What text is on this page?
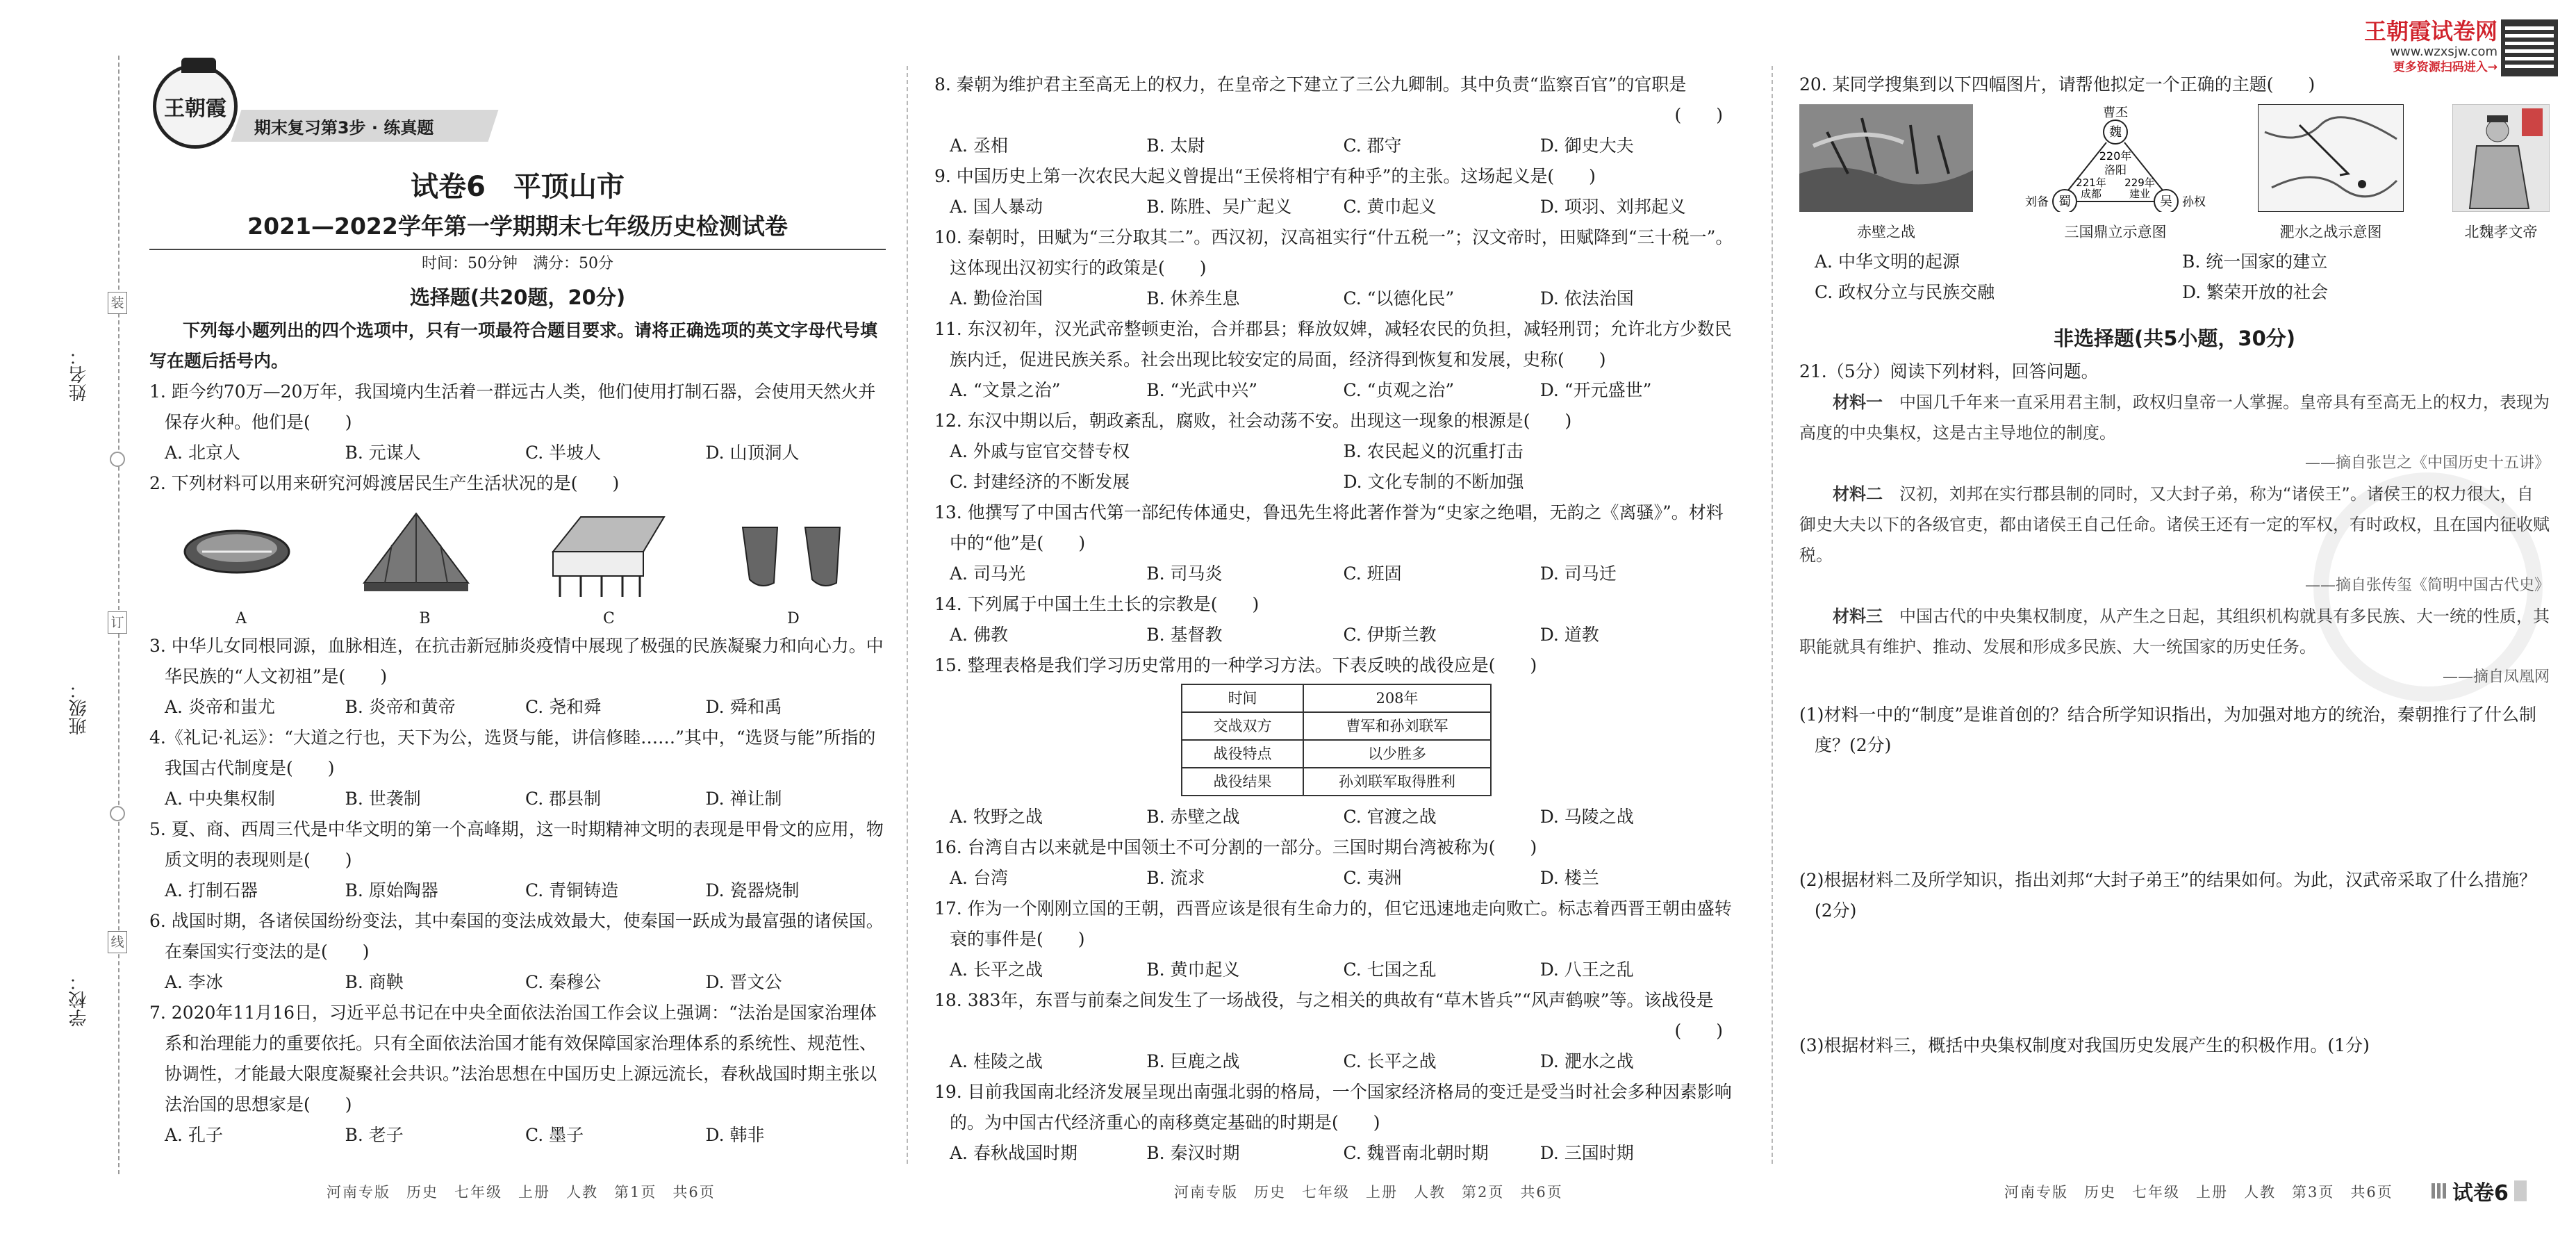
姓名：
班级：
学校：
装
订
线
王朝霞
期末复习第3步 · 练真题
王朝霞试卷网
www.wzxsjw.com
更多资源扫码进入→
试卷6　平顶山市
2021—2022学年第一学期期末七年级历史检测试卷
时间：50分钟　满分：50分
选择题(共20题，20分)
下列每小题列出的四个选项中，只有一项最符合题目要求。请将正确选项的英文字母代号填写在题后括号内。
1. 距今约70万—20万年，我国境内生活着一群远古人类，他们使用打制石器，会使用天然火并保存火种。他们是(　　)
A. 北京人	B. 元谋人	C. 半坡人	D. 山顶洞人
2. 下列材料可以用来研究河姆渡居民生产生活状况的是(　　)
A	B	C	D
3. 中华儿女同根同源，血脉相连，在抗击新冠肺炎疫情中展现了极强的民族凝聚力和向心力。中华民族的“人文初祖”是(　　)
A. 炎帝和蚩尤	B. 炎帝和黄帝	C. 尧和舜	D. 舜和禹
4.《礼记·礼运》：“大道之行也，天下为公，选贤与能，讲信修睦……”其中，“选贤与能”所指的我国古代制度是(　　)
A. 中央集权制	B. 世袭制	C. 郡县制	D. 禅让制
5. 夏、商、西周三代是中华文明的第一个高峰期，这一时期精神文明的表现是甲骨文的应用，物质文明的表现则是(　　)
A. 打制石器	B. 原始陶器	C. 青铜铸造	D. 瓷器烧制
6. 战国时期，各诸侯国纷纷变法，其中秦国的变法成效最大，使秦国一跃成为最富强的诸侯国。在秦国实行变法的是(　　)
A. 李冰	B. 商鞅	C. 秦穆公	D. 晋文公
7. 2020年11月16日，习近平总书记在中央全面依法治国工作会议上强调：“法治是国家治理体系和治理能力的重要依托。只有全面依法治国才能有效保障国家治理体系的系统性、规范性、协调性，才能最大限度凝聚社会共识。”法治思想在中国历史上源远流长，春秋战国时期主张以法治国的思想家是(　　)
A. 孔子	B. 老子	C. 墨子	D. 韩非
8. 秦朝为维护君主至高无上的权力，在皇帝之下建立了三公九卿制。其中负责“监察百官”的官职是
(　　)
A. 丞相	B. 太尉	C. 郡守	D. 御史大夫
9. 中国历史上第一次农民大起义曾提出“王侯将相宁有种乎”的主张。这场起义是(　　)
A. 国人暴动	B. 陈胜、吴广起义	C. 黄巾起义	D. 项羽、刘邦起义
10. 秦朝时，田赋为“三分取其二”。西汉初，汉高祖实行“什五税一”；汉文帝时，田赋降到“三十税一”。这体现出汉初实行的政策是(　　)
A. 勤俭治国	B. 休养生息	C. “以德化民”	D. 依法治国
11. 东汉初年，汉光武帝整顿吏治，合并郡县；释放奴婢，减轻农民的负担，减轻刑罚；允许北方少数民族内迁，促进民族关系。社会出现比较安定的局面，经济得到恢复和发展，史称(　　)
A. “文景之治”	B. “光武中兴”	C. “贞观之治”	D. “开元盛世”
12. 东汉中期以后，朝政紊乱，腐败，社会动荡不安。出现这一现象的根源是(　　)
A. 外戚与宦官交替专权	B. 农民起义的沉重打击
C. 封建经济的不断发展	D. 文化专制的不断加强
13. 他撰写了中国古代第一部纪传体通史，鲁迅先生将此著作誉为“史家之绝唱，无韵之《离骚》”。材料中的“他”是(　　)
A. 司马光	B. 司马炎	C. 班固	D. 司马迁
14. 下列属于中国土生土长的宗教是(　　)
A. 佛教	B. 基督教	C. 伊斯兰教	D. 道教
15. 整理表格是我们学习历史常用的一种学习方法。下表反映的战役应是(　　)
时间	208年
交战双方	曹军和孙刘联军
战役特点	以少胜多
战役结果	孙刘联军取得胜利
A. 牧野之战	B. 赤壁之战	C. 官渡之战	D. 马陵之战
16. 台湾自古以来就是中国领土不可分割的一部分。三国时期台湾被称为(　　)
A. 台湾	B. 流求	C. 夷洲	D. 楼兰
17. 作为一个刚刚立国的王朝，西晋应该是很有生命力的，但它迅速地走向败亡。标志着西晋王朝由盛转衰的事件是(　　)
A. 长平之战	B. 黄巾起义	C. 七国之乱	D. 八王之乱
18. 383年，东晋与前秦之间发生了一场战役，与之相关的典故有“草木皆兵”“风声鹤唳”等。该战役是
(　　)
A. 桂陵之战	B. 巨鹿之战	C. 长平之战	D. 淝水之战
19. 目前我国南北经济发展呈现出南强北弱的格局，一个国家经济格局的变迁是受当时社会多种因素影响的。为中国古代经济重心的南移奠定基础的时期是(　　)
A. 春秋战国时期	B. 秦汉时期	C. 魏晋南北朝时期	D. 三国时期
20. 某同学搜集到以下四幅图片，请帮他拟定一个正确的主题(　　)
赤壁之战
曹丕
魏
220年
洛阳
蜀	吴
刘备	孙权
221年
成都
229年
建业
三国鼎立示意图	淝水之战示意图	北魏孝文帝
A. 中华文明的起源	B. 统一国家的建立
C. 政权分立与民族交融	D. 繁荣开放的社会
非选择题(共5小题，30分)
21.（5分）阅读下列材料，回答问题。
材料一　 中国几千年来一直采用君主制，政权归皇帝一人掌握。皇帝具有至高无上的权力，表现为高度的中央集权，这是古主导地位的制度。
——摘自张岂之《中国历史十五讲》
材料二　 汉初，刘邦在实行郡县制的同时，又大封子弟，称为“诸侯王”。诸侯王的权力很大，自御史大夫以下的各级官吏，都由诸侯王自己任命。诸侯王还有一定的军权，有时政权，且在国内征收赋税。
——摘自张传玺《简明中国古代史》
材料三　 中国古代的中央集权制度，从产生之日起，其组织机构就具有多民族、大一统的性质，其职能就具有维护、推动、发展和形成多民族、大一统国家的历史任务。
——摘自凤凰网
(1)材料一中的“制度”是谁首创的？结合所学知识指出，为加强对地方的统治，秦朝推行了什么制度？(2分)
(2)根据材料二及所学知识，指出刘邦“大封子弟王”的结果如何。为此，汉武帝采取了什么措施？(2分)
(3)根据材料三，概括中央集权制度对我国历史发展产生的积极作用。(1分)
河南专版　历史　七年级　上册　人教　第1页　共6页	河南专版　历史　七年级　上册　人教　第2页　共6页	河南专版　历史　七年级　上册　人教　第3页　共6页	试卷6
